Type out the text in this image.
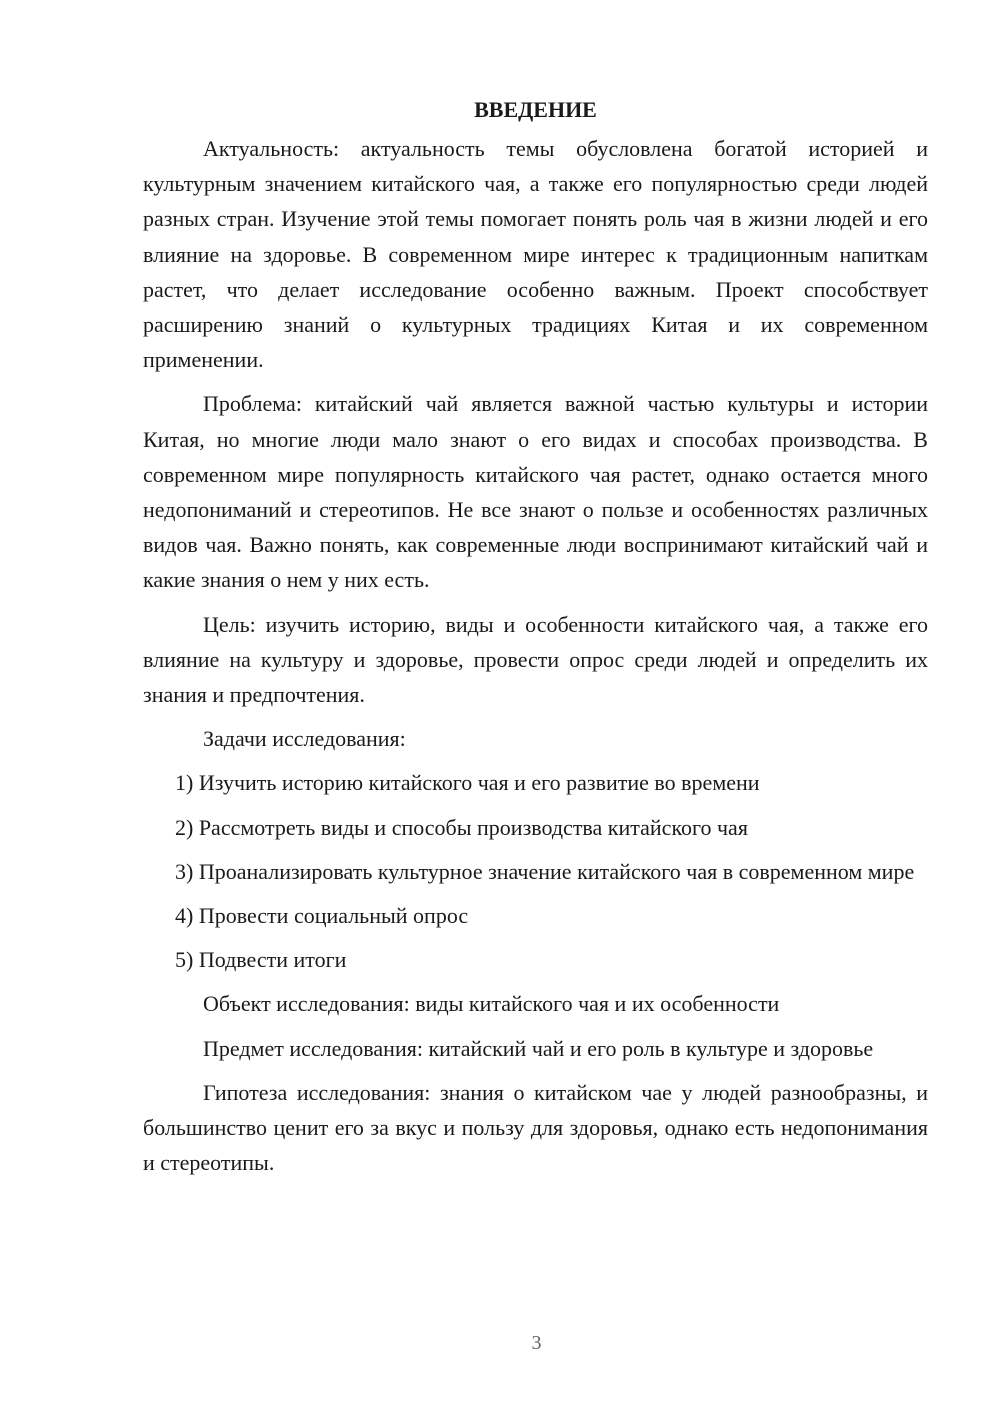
ВВЕДЕНИЕ

Актуальность: актуальность темы обусловлена богатой историей и культурным значением китайского чая, а также его популярностью среди людей разных стран. Изучение этой темы помогает понять роль чая в жизни людей и его влияние на здоровье. В современном мире интерес к традиционным напиткам растет, что делает исследование особенно важным. Проект способствует расширению знаний о культурных традициях Китая и их современном применении.

Проблема: китайский чай является важной частью культуры и истории Китая, но многие люди мало знают о его видах и способах производства. В современном мире популярность китайского чая растет, однако остается много недопониманий и стереотипов. Не все знают о пользе и особенностях различных видов чая. Важно понять, как современные люди воспринимают китайский чай и какие знания о нем у них есть.

Цель: изучить историю, виды и особенности китайского чая, а также его влияние на культуру и здоровье, провести опрос среди людей и определить их знания и предпочтения.

Задачи исследования:

1) Изучить историю китайского чая и его развитие во времени

2) Рассмотреть виды и способы производства китайского чая

3) Проанализировать культурное значение китайского чая в современном мире

4) Провести социальный опрос

5) Подвести итоги

Объект исследования: виды китайского чая и их особенности

Предмет исследования: китайский чай и его роль в культуре и здоровье

Гипотеза исследования: знания о китайском чае у людей разнообразны, и большинство ценит его за вкус и пользу для здоровья, однако есть недопонимания и стереотипы.

3
